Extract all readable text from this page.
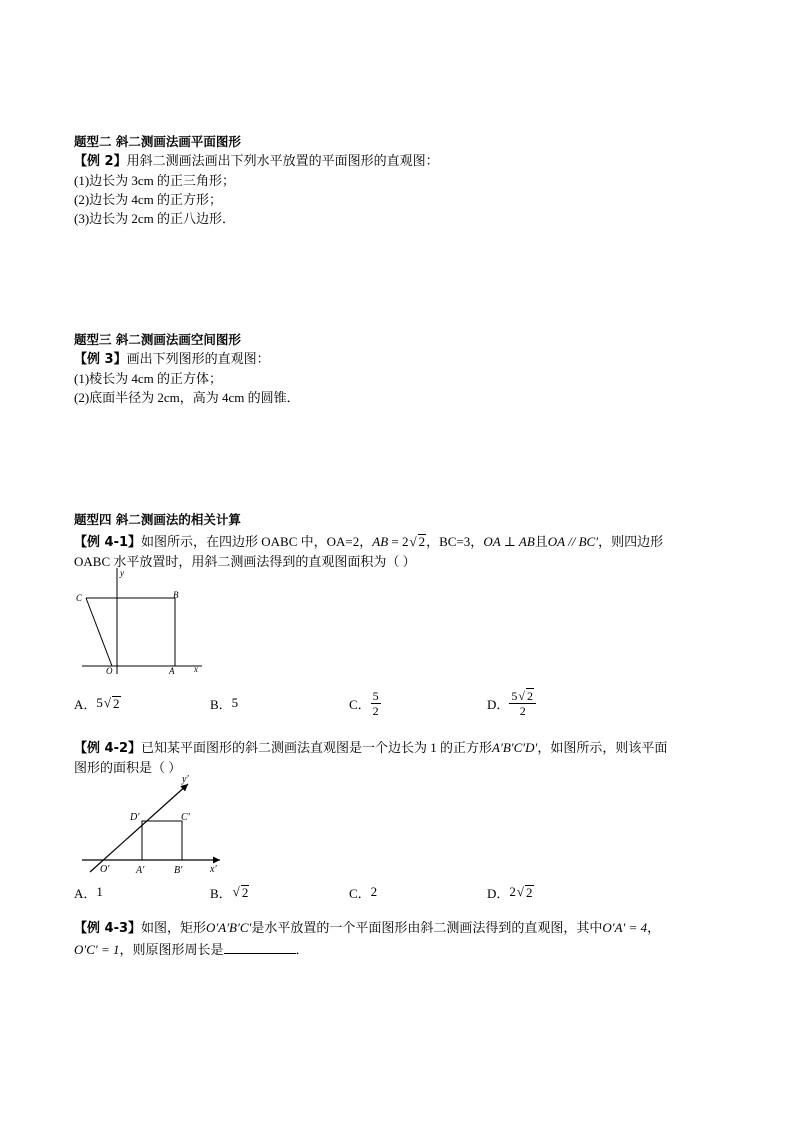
题型二 斜二测画法画平面图形
【例 2】用斜二测画法画出下列水平放置的平面图形的直观图：
(1)边长为 3cm 的正三角形；
(2)边长为 4cm 的正方形；
(3)边长为 2cm 的正八边形．
题型三 斜二测画法画空间图形
【例 3】画出下列图形的直观图：
(1)棱长为 4cm 的正方体；
(2)底面半径为 2cm，高为 4cm 的圆锥．
题型四 斜二测画法的相关计算
【例 4-1】如图所示，在四边形 OABC 中，OA=2，AB = 2√ 2，BC=3，OA ⊥ AB且OA // BC′，则四边形
OABC 水平放置时，用斜二测画法得到的直观图面积为（ ）
y
x
C	B
O	A
A． 5 √ 2	B． 5	C． $\frac{5}{2}$	D． $\frac{5√ 2}{2}$
【例 4-2】已知某平面图形的斜二测画法直观图是一个边长为 1 的正方形A′B′C′D′，如图所示，则该平面
图形的面积是（ ）
y′
x′
D′	C′
O′	A′	B′
A． 1	B． √ 2	C． 2	D． 2 √ 2
【例 4-3】如图，矩形O′A′B′C′是水平放置的一个平面图形由斜二测画法得到的直观图，其中O′A′ = 4，
O′C′ = 1，则原图形周长是	．
